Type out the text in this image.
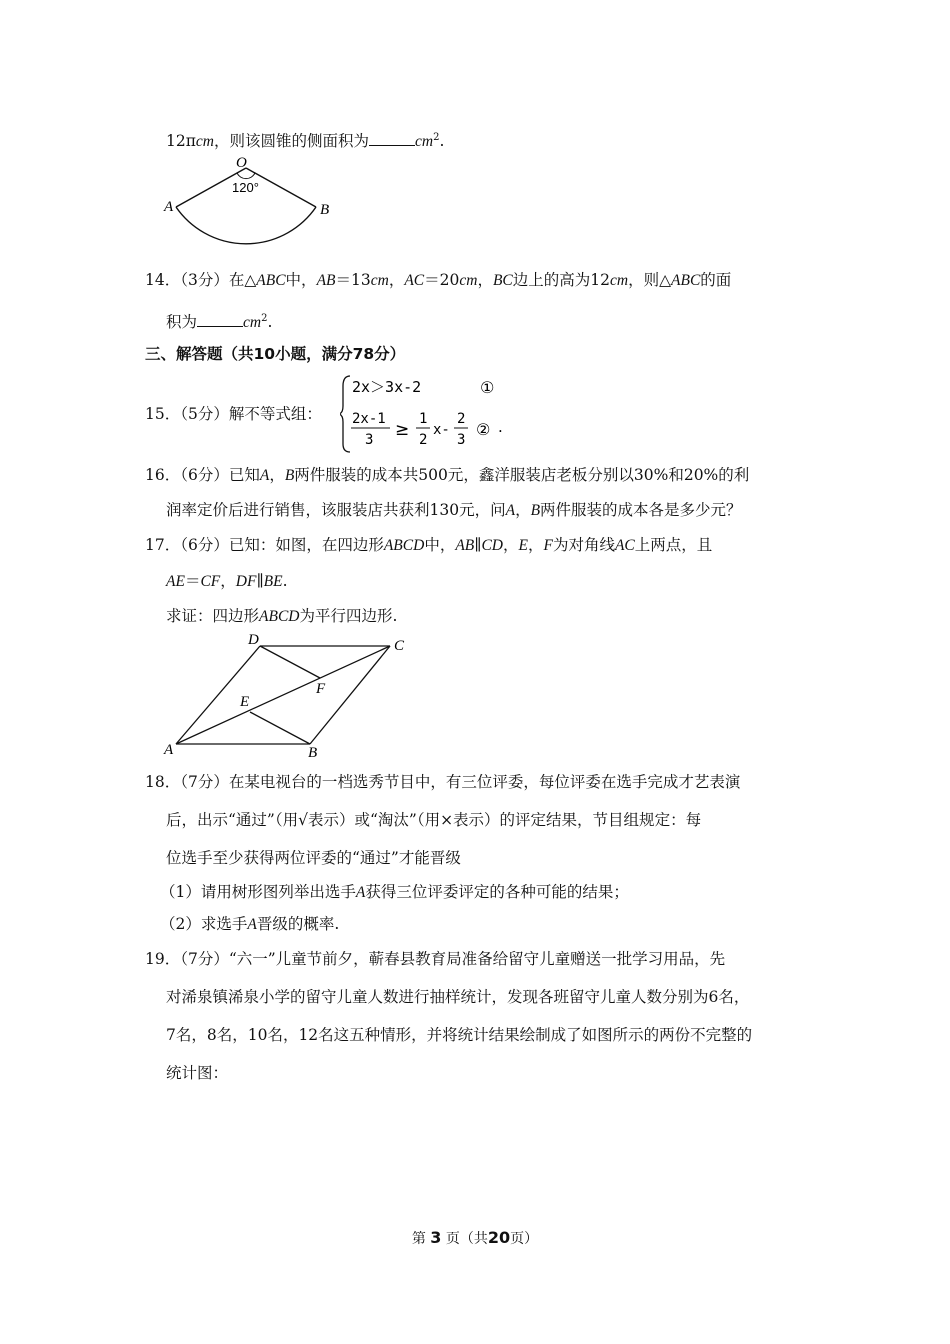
12πcm，则该圆锥的侧面积为	$cm^2$.
O
120°
A	B
14．（3分）在△ABC中，AB＝13cm，AC＝20cm，BC边上的高为12cm，则△ABC的面
积为	$cm^2$.
三、解答题（共10小题，满分78分）
15．（5分）解不等式组：
2x＞3x-2	①
2x-1
3 ≥
1
2
x-
2
3
② .
16．（6分）已知A，B两件服装的成本共500元，鑫洋服装店老板分别以30%和20%的利
润率定价后进行销售，该服装店共获利130元，问A，B两件服装的成本各是多少元？
17．（6分）已知：如图，在四边形ABCD中，AB∥CD，E，F为对角线AC上两点，且
AE＝CF，DF∥BE.
求证：四边形ABCD为平行四边形.
D	C
F
E
A	B
18．（7分）在某电视台的一档选秀节目中，有三位评委，每位评委在选手完成才艺表演
后，出示“通过”（用√表示）或“淘汰”（用×表示）的评定结果，节目组规定：每
位选手至少获得两位评委的“通过”才能晋级
（1）请用树形图列举出选手A获得三位评委评定的各种可能的结果；
（2）求选手A晋级的概率.
19．（7分）“六一”儿童节前夕，蕲春县教育局准备给留守儿童赠送一批学习用品，先
对浠泉镇浠泉小学的留守儿童人数进行抽样统计，发现各班留守儿童人数分别为6名，
7名，8名，10名，12名这五种情形，并将统计结果绘制成了如图所示的两份不完整的
统计图：
第 3 页（共20页）
